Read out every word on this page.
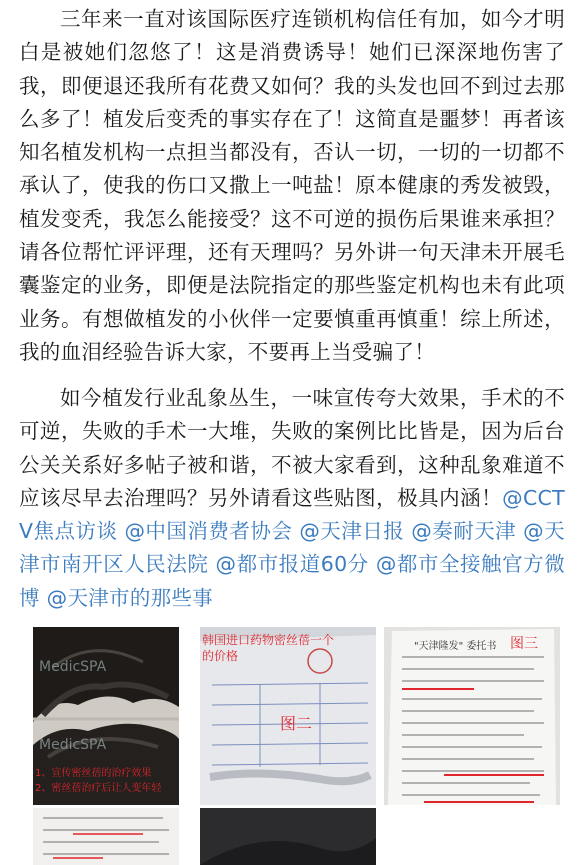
三年来一直对该国际医疗连锁机构信任有加，如今才明白是被她们忽悠了！这是消费诱导！她们已深深地伤害了我，即便退还我所有花费又如何？我的头发也回不到过去那么多了！植发后变秃的事实存在了！这简直是噩梦！再者该知名植发机构一点担当都没有，否认一切，一切的一切都不承认了，使我的伤口又撒上一吨盐！原本健康的秀发被毁，植发变秃，我怎么能接受？这不可逆的损伤后果谁来承担？请各位帮忙评评理，还有天理吗？另外讲一句天津未开展毛囊鉴定的业务，即便是法院指定的那些鉴定机构也未有此项业务。有想做植发的小伙伴一定要慎重再慎重！综上所述，我的血泪经验告诉大家，不要再上当受骗了！

如今植发行业乱象丛生，一味宣传夸大效果，手术的不可逆，失败的手术一大堆，失败的案例比比皆是，因为后台公关关系好多帖子被和谐，不被大家看到，这种乱象难道不应该尽早去治理吗？另外请看这些贴图，极具内涵！@CCTV焦点访谈 @中国消费者协会 @天津日报 @奏耐天津 @天津市南开区人民法院 @都市报道60分 @都市全接触官方微博 @天津市的那些事

MedicSPA
MedicSPA
1、宣传密丝蓓的治疗效果
2、密丝蓓治疗后让人变年轻
韩国进口药物密丝蓓一个
的价格
图二
"天津隆发" 委托书 图三
